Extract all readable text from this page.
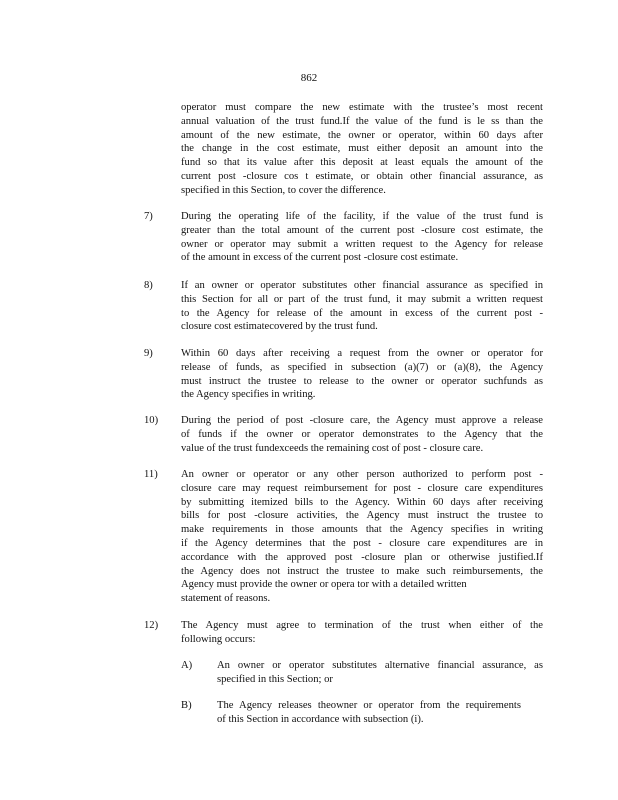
862
operator must compare the new estimate with the trustee’s most recent
annual valuation of the trust fund.If the value of the fund is le ss than the
amount of the new estimate, the owner or operator, within 60 days after
the change in the cost estimate, must either deposit an amount into the
fund so that its value after this deposit at least equals the amount of the
current post -closure cos t estimate, or obtain other financial assurance, as
specified in this Section, to cover the difference.
7)	During the operating life of the facility, if the value of the trust fund is
greater than the total amount of the current post -closure cost estimate, the
owner or operator may submit a written request to the Agency for release
of the amount in excess of the current post -closure cost estimate.
8)	If an owner or operator substitutes other financial assurance as specified in
this Section for all or part of the trust fund, it may submit a written request
to the Agency for release of the amount in excess of the current post -
closure cost estimatecovered by the trust fund.
9)	Within 60 days after receiving a request from the owner or operator for
release of funds, as specified in subsection (a)(7) or (a)(8), the Agency
must instruct the trustee to release to the owner or operator suchfunds as
the Agency specifies in writing.
10) During the period of post -closure care, the Agency must approve a release
of funds if the owner or operator demonstrates to the Agency that the
value of the trust fundexceeds the remaining cost of post - closure care.
11) An owner or operator or any other person authorized to perform post -
closure care may request reimbursement for post - closure care expenditures
by submitting itemized bills to the Agency. Within 60 days after receiving
bills for post -closure activities, the Agency must instruct the trustee to
make requirements in those amounts that the Agency specifies in writing
if the Agency determines that the post - closure care expenditures are in
accordance with the approved post -closure plan or otherwise justified.If
the Agency does not instruct the trustee to make such reimbursements, the
Agency must provide the owner or opera tor with a detailed written
statement of reasons.
12) The Agency must agree to termination of the trust when either of the
following occurs:
A) An owner or operator substitutes alternative financial assurance, as
specified in this Section; or
B) The Agency releases theowner or operator from the requirements
of this Section in accordance with subsection (i).
